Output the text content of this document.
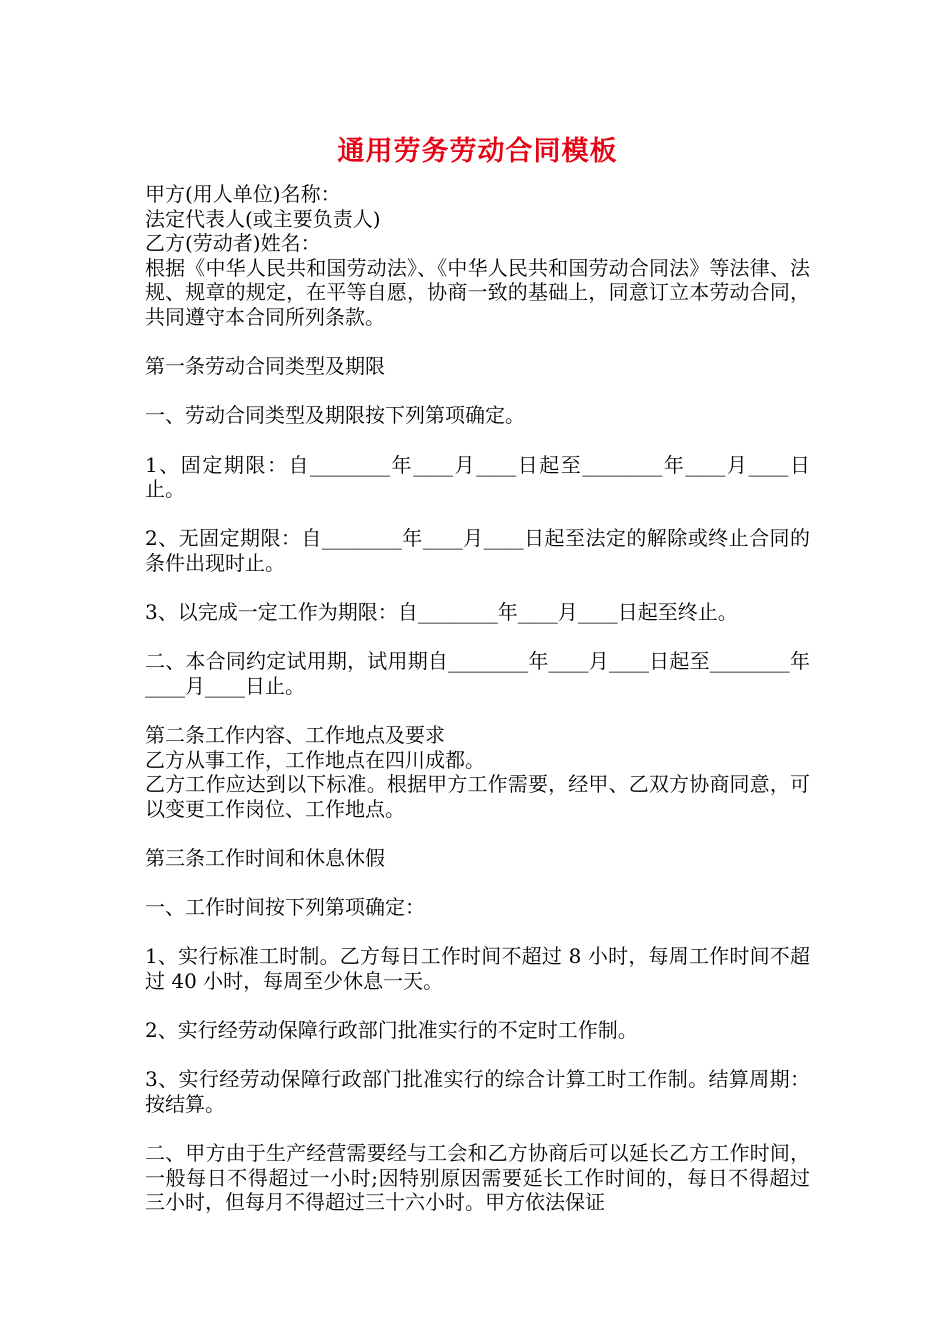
通用劳务劳动合同模板
甲方(用人单位)名称：
法定代表人(或主要负责人)
乙方(劳动者)姓名：
根据《中华人民共和国劳动法》、《中华人民共和国劳动合同法》等法律、法规、规章的规定，在平等自愿，协商一致的基础上，同意订立本劳动合同，共同遵守本合同所列条款。
第一条劳动合同类型及期限
一、劳动合同类型及期限按下列第项确定。
1、固定期限：自________年____月____日起至________年____月____日止。
2、无固定期限：自________年____月____日起至法定的解除或终止合同的条件出现时止。
3、以完成一定工作为期限：自________年____月____日起至终止。
二、本合同约定试用期，试用期自________年____月____日起至________年____月____日止。
第二条工作内容、工作地点及要求
乙方从事工作，工作地点在四川成都。
乙方工作应达到以下标准。根据甲方工作需要，经甲、乙双方协商同意，可以变更工作岗位、工作地点。
第三条工作时间和休息休假
一、工作时间按下列第项确定：
1、实行标准工时制。乙方每日工作时间不超过 8 小时，每周工作时间不超过 40 小时，每周至少休息一天。
2、实行经劳动保障行政部门批准实行的不定时工作制。
3、实行经劳动保障行政部门批准实行的综合计算工时工作制。结算周期：按结算。
二、甲方由于生产经营需要经与工会和乙方协商后可以延长乙方工作时间，一般每日不得超过一小时;因特别原因需要延长工作时间的，每日不得超过三小时，但每月不得超过三十六小时。甲方依法保证
